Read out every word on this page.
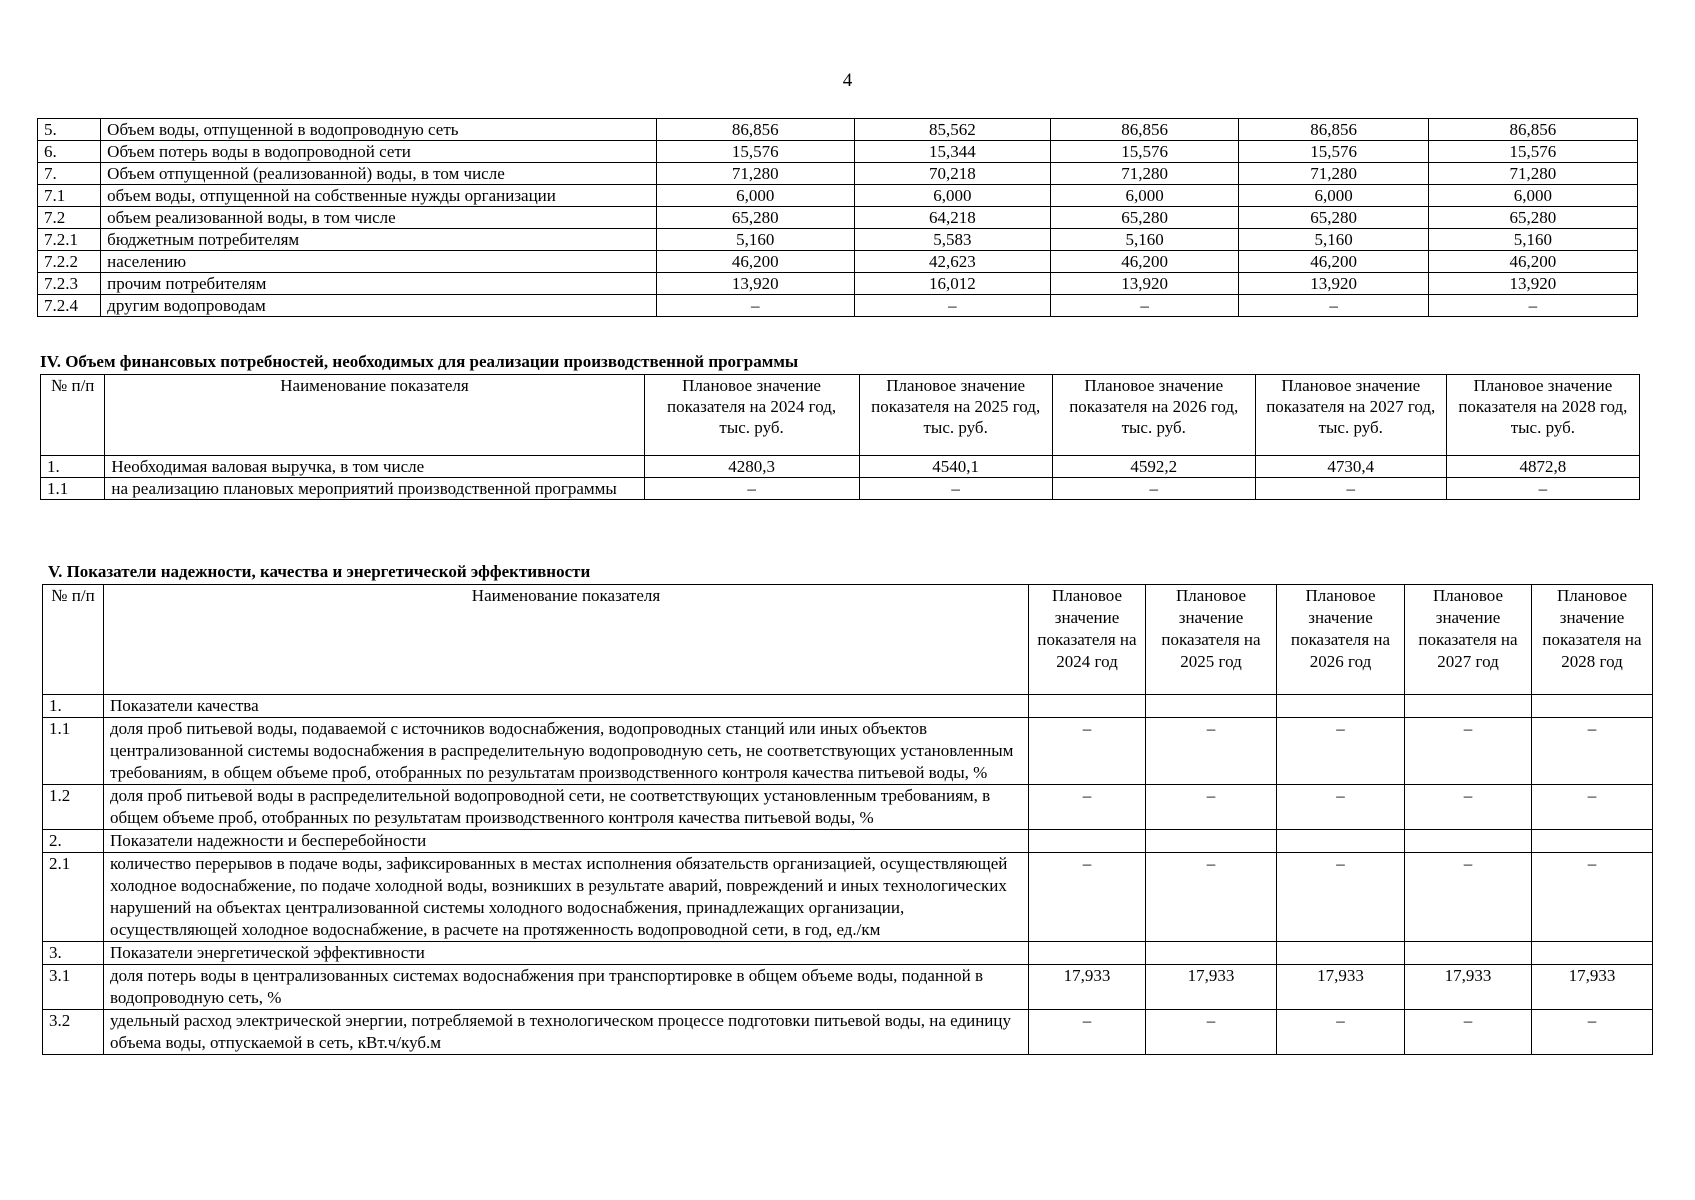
4
5.	Объем воды, отпущенной в водопроводную сеть	86,856	85,562	86,856	86,856	86,856
6.	Объем потерь воды в водопроводной сети	15,576	15,344	15,576	15,576	15,576
7.	Объем отпущенной (реализованной) воды, в том числе	71,280	70,218	71,280	71,280	71,280
7.1	объем воды, отпущенной на собственные нужды организации	6,000	6,000	6,000	6,000	6,000
7.2	объем реализованной воды, в том числе	65,280	64,218	65,280	65,280	65,280
7.2.1	бюджетным потребителям	5,160	5,583	5,160	5,160	5,160
7.2.2	населению	46,200	42,623	46,200	46,200	46,200
7.2.3	прочим потребителям	13,920	16,012	13,920	13,920	13,920
7.2.4	другим водопроводам	–	–	–	–	–
IV. Объем финансовых потребностей, необходимых для реализации производственной программы
№ п/п	Наименование показателя	Плановое значение показателя на 2024 год, тыс. руб.	Плановое значение показателя на 2025 год, тыс. руб.	Плановое значение показателя на 2026 год, тыс. руб.	Плановое значение показателя на 2027 год, тыс. руб.	Плановое значение показателя на 2028 год, тыс. руб.
1.	Необходимая валовая выручка, в том числе	4280,3	4540,1	4592,2	4730,4	4872,8
1.1	на реализацию плановых мероприятий производственной программы	–	–	–	–	–
V. Показатели надежности, качества и энергетической эффективности
№ п/п	Наименование показателя	Плановое значение показателя на 2024 год	Плановое значение показателя на 2025 год	Плановое значение показателя на 2026 год	Плановое значение показателя на 2027 год	Плановое значение показателя на 2028 год
1.	Показатели качества					
1.1	доля проб питьевой воды, подаваемой с источников водоснабжения, водопроводных станций или иных объектов централизованной системы водоснабжения в распределительную водопроводную сеть, не соответствующих установленным требованиям, в общем объеме проб, отобранных по результатам производственного контроля качества питьевой воды, %	–	–	–	–	–
1.2	доля проб питьевой воды в распределительной водопроводной сети, не соответствующих установленным требованиям, в общем объеме проб, отобранных по результатам производственного контроля качества питьевой воды, %	–	–	–	–	–
2.	Показатели надежности и бесперебойности					
2.1	количество перерывов в подаче воды, зафиксированных в местах исполнения обязательств организацией, осуществляющей холодное водоснабжение, по подаче холодной воды, возникших в результате аварий, повреждений и иных технологических нарушений на объектах централизованной системы холодного водоснабжения, принадлежащих организации, осуществляющей холодное водоснабжение, в расчете на протяженность водопроводной сети, в год, ед./км	–	–	–	–	–
3.	Показатели энергетической эффективности					
3.1	доля потерь воды в централизованных системах водоснабжения при транспортировке в общем объеме воды, поданной в водопроводную сеть, %	17,933	17,933	17,933	17,933	17,933
3.2	удельный расход электрической энергии, потребляемой в технологическом процессе подготовки питьевой воды, на единицу объема воды, отпускаемой в сеть, кВт.ч/куб.м	–	–	–	–	–
